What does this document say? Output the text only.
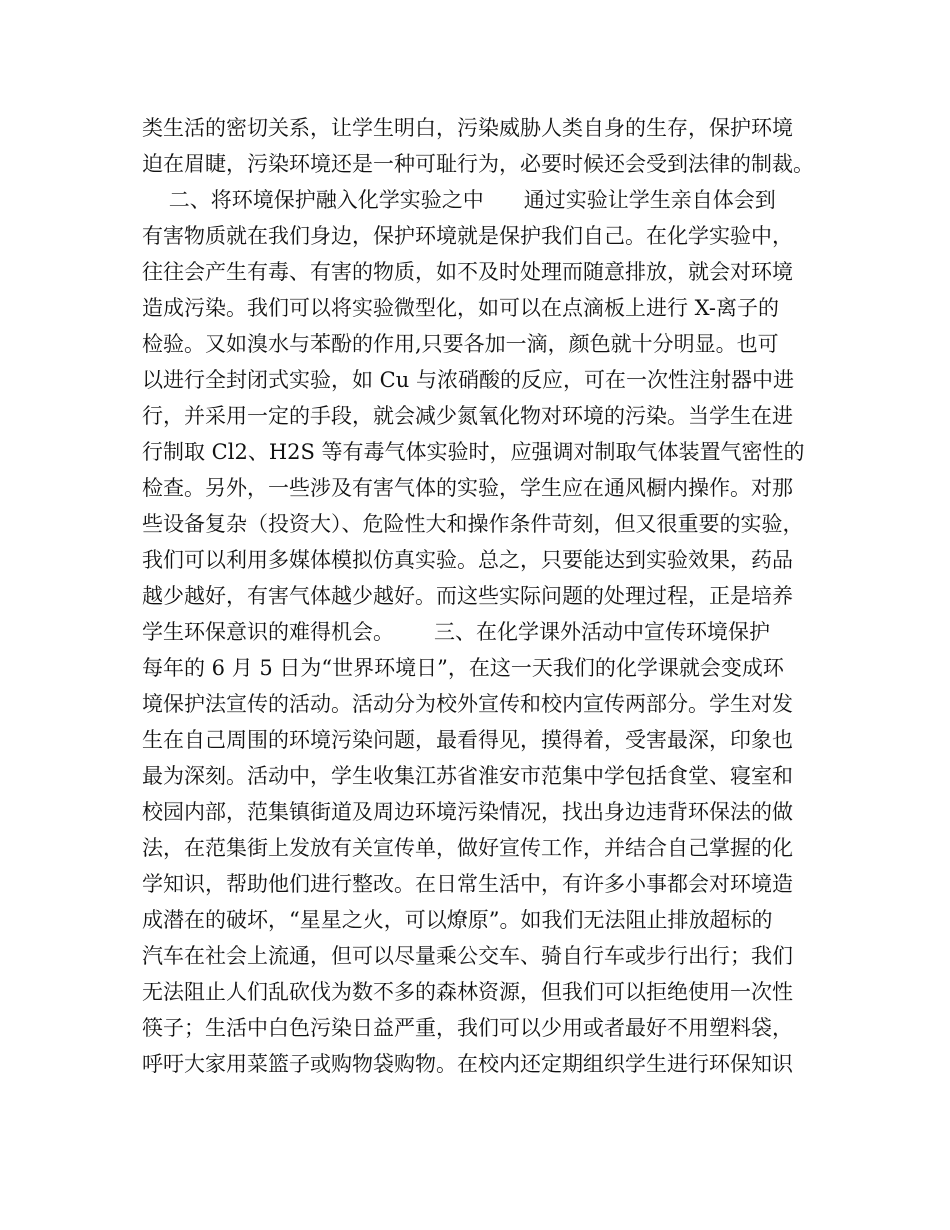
类生活的密切关系，让学生明白，污染威胁人类自身的生存，保护环境
迫在眉睫，污染环境还是一种可耻行为，必要时候还会受到法律的制裁。
二、将环境保护融入化学实验之中      通过实验让学生亲自体会到
有害物质就在我们身边，保护环境就是保护我们自己。在化学实验中，
往往会产生有毒、有害的物质，如不及时处理而随意排放，就会对环境
造成污染。我们可以将实验微型化，如可以在点滴板上进行 X-离子的
检验。又如溴水与苯酚的作用,只要各加一滴，颜色就十分明显。也可
以进行全封闭式实验，如 Cu 与浓硝酸的反应，可在一次性注射器中进
行，并采用一定的手段，就会减少氮氧化物对环境的污染。当学生在进
行制取 Cl2、H2S 等有毒气体实验时，应强调对制取气体装置气密性的
检查。另外，一些涉及有害气体的实验，学生应在通风橱内操作。对那
些设备复杂（投资大）、危险性大和操作条件苛刻，但又很重要的实验，
我们可以利用多媒体模拟仿真实验。总之，只要能达到实验效果，药品
越少越好，有害气体越少越好。而这些实际问题的处理过程，正是培养
学生环保意识的难得机会。      三、在化学课外活动中宣传环境保护
每年的 6 月 5 日为“世界环境日”，在这一天我们的化学课就会变成环
境保护法宣传的活动。活动分为校外宣传和校内宣传两部分。学生对发
生在自己周围的环境污染问题，最看得见，摸得着，受害最深，印象也
最为深刻。活动中，学生收集江苏省淮安市范集中学包括食堂、寝室和
校园内部，范集镇街道及周边环境污染情况，找出身边违背环保法的做
法，在范集街上发放有关宣传单，做好宣传工作，并结合自己掌握的化
学知识，帮助他们进行整改。在日常生活中，有许多小事都会对环境造
成潜在的破坏，“星星之火，可以燎原”。如我们无法阻止排放超标的
汽车在社会上流通，但可以尽量乘公交车、骑自行车或步行出行；我们
无法阻止人们乱砍伐为数不多的森林资源，但我们可以拒绝使用一次性
筷子；生活中白色污染日益严重，我们可以少用或者最好不用塑料袋，
呼吁大家用菜篮子或购物袋购物。在校内还定期组织学生进行环保知识
